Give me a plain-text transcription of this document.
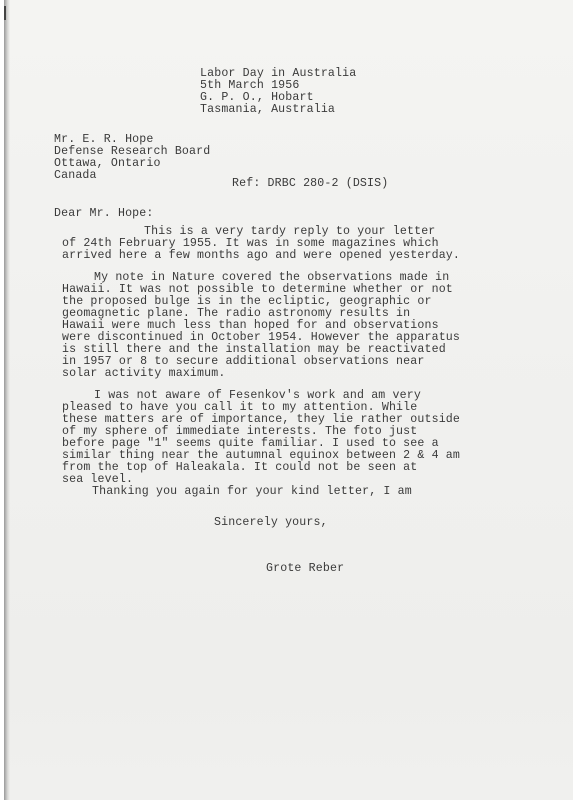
Labor Day in Australia
5th March 1956
G. P. O., Hobart
Tasmania, Australia
Mr. E. R. Hope
Defense Research Board
Ottawa, Ontario
Canada
Ref: DRBC 280-2 (DSIS)
Dear Mr. Hope:
This is a very tardy reply to your letter
of 24th February 1955. It was in some magazines which
arrived here a few months ago and were opened yesterday.
My note in Nature covered the observations made in
Hawaii. It was not possible to determine whether or not
the proposed bulge is in the ecliptic, geographic or
geomagnetic plane. The radio astronomy results in
Hawaii were much less than hoped for and observations
were discontinued in October 1954. However the apparatus
is still there and the installation may be reactivated
in 1957 or 8 to secure additional observations near
solar activity maximum.
I was not aware of Fesenkov's work and am very
pleased to have you call it to my attention. While
these matters are of importance, they lie rather outside
of my sphere of immediate interests. The foto just
before page "1" seems quite familiar. I used to see a
similar thing near the autumnal equinox between 2 & 4 am
from the top of Haleakala. It could not be seen at
sea level.
Thanking you again for your kind letter, I am
Sincerely yours,
Grote Reber
